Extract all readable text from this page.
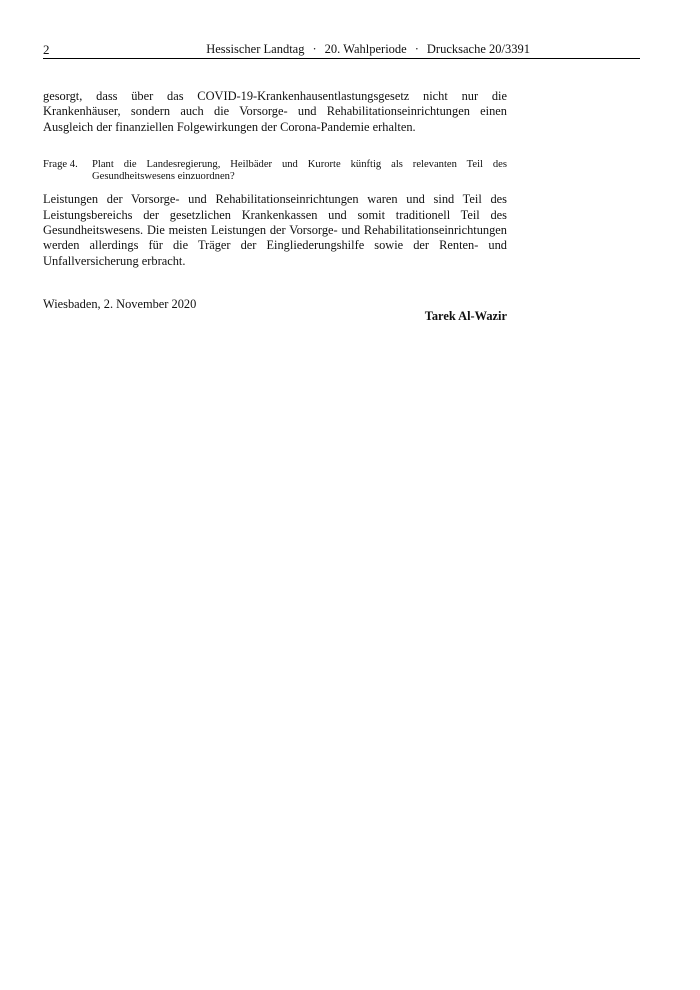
2	Hessischer Landtag · 20. Wahlperiode · Drucksache 20/3391

gesorgt, dass über das COVID-19-Krankenhausentlastungsgesetz nicht nur die Krankenhäuser, sondern auch die Vorsorge- und Rehabilitationseinrichtungen einen Ausgleich der finanziellen Folgewirkungen der Corona-Pandemie erhalten.

Frage 4.	Plant die Landesregierung, Heilbäder und Kurorte künftig als relevanten Teil des Gesundheitswesens einzuordnen?

Leistungen der Vorsorge- und Rehabilitationseinrichtungen waren und sind Teil des Leistungsbereichs der gesetzlichen Krankenkassen und somit traditionell Teil des Gesundheitswesens. Die meisten Leistungen der Vorsorge- und Rehabilitationseinrichtungen werden allerdings für die Träger der Eingliederungshilfe sowie der Renten- und Unfallversicherung erbracht.

Wiesbaden, 2. November 2020
Tarek Al-Wazir
